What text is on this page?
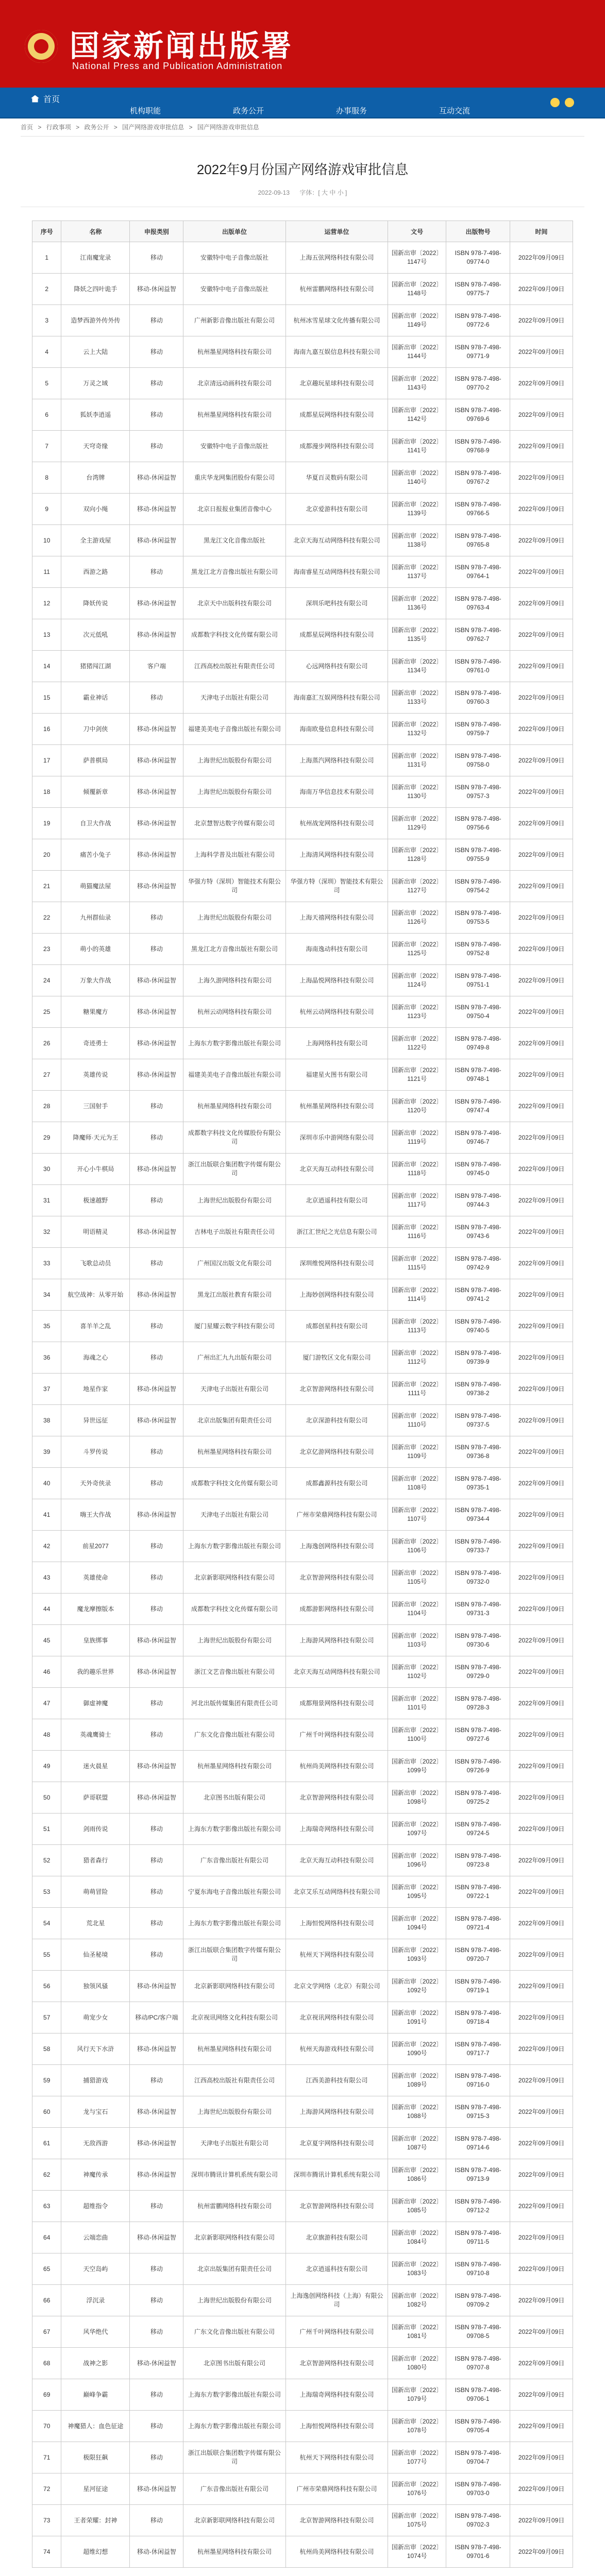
国家新闻出版署
National Press and Publication Administration
首页
机构职能	政务公开	办事服务	互动交流
首页 > 行政事项 > 政务公开 > 国产网络游戏审批信息 > 国产网络游戏审批信息
2022年9月份国产网络游戏审批信息
2022-09-13 字体：[ 大 中 小 ]
序号	名称	申报类别	出版单位	运营单位	文号	出版物号	时间
1	江南魔宠录	移动	安徽特中电子音像出版社	上海五弦网络科技有限公司	国新出审〔2022〕1147号	ISBN 978-7-498-09774-0	2022年09月09日
2	降妖之四叶诡手	移动-休闲益智	安徽特中电子音像出版社	杭州雷鹏网络科技有限公司	国新出审〔2022〕1148号	ISBN 978-7-498-09775-7	2022年09月09日
3	造梦西游外传外传	移动	广州新影音像出版社有限公司	杭州冰雪星球文化传播有限公司	国新出审〔2022〕1149号	ISBN 978-7-498-09772-6	2022年09月09日
4	云上大陆	移动	杭州墨星网络科技有限公司	海南九嘉互娱信息科技有限公司	国新出审〔2022〕1144号	ISBN 978-7-498-09771-9	2022年09月09日
5	万灵之域	移动	北京清远动画科技有限公司	北京趣玩星球科技有限公司	国新出审〔2022〕1143号	ISBN 978-7-498-09770-2	2022年09月09日
6	狐妖李逍遥	移动	杭州墨星网络科技有限公司	成都星辰网络科技有限公司	国新出审〔2022〕1142号	ISBN 978-7-498-09769-6	2022年09月09日
7	天穹奇缘	移动	安徽特中电子音像出版社	成都漫步网络科技有限公司	国新出审〔2022〕1141号	ISBN 978-7-498-09768-9	2022年09月09日
8	台湾牌	移动-休闲益智	重庆华龙网集团股份有限公司	华夏百灵数码有限公司	国新出审〔2022〕1140号	ISBN 978-7-498-09767-2	2022年09月09日
9	双向小绳	移动-休闲益智	北京日报报业集团音像中心	北京爱游科技有限公司	国新出审〔2022〕1139号	ISBN 978-7-498-09766-5	2022年09月09日
10	全主游戏屋	移动-休闲益智	黑龙江文化音像出版社	北京天海互动网络科技有限公司	国新出审〔2022〕1138号	ISBN 978-7-498-09765-8	2022年09月09日
11	西游之路	移动	黑龙江北方音像出版社有限公司	海南睿星互动网络科技有限公司	国新出审〔2022〕1137号	ISBN 978-7-498-09764-1	2022年09月09日
12	降妖传说	移动-休闲益智	北京天中出版科技有限公司	深圳乐吧科技有限公司	国新出审〔2022〕1136号	ISBN 978-7-498-09763-4	2022年09月09日
13	次元低吼	移动-休闲益智	成都数字科技文化传媒有限公司	成都星辰网络科技有限公司	国新出审〔2022〕1135号	ISBN 978-7-498-09762-7	2022年09月09日
14	猪猪闯江湖	客户端	江西高校出版社有限责任公司	心远网络科技有限公司	国新出审〔2022〕1134号	ISBN 978-7-498-09761-0	2022年09月09日
15	霸业神话	移动	天津电子出版社有限公司	海南嘉汇互娱网络科技有限公司	国新出审〔2022〕1133号	ISBN 978-7-498-09760-3	2022年09月09日
16	刀中剑侠	移动-休闲益智	福建美美电子音像出版社有限公司	海南欧曼信息科技有限公司	国新出审〔2022〕1132号	ISBN 978-7-498-09759-7	2022年09月09日
17	萨普棋局	移动-休闲益智	上海世纪出版股份有限公司	上海蒸汽网络科技有限公司	国新出审〔2022〕1131号	ISBN 978-7-498-09758-0	2022年09月09日
18	倾覆新章	移动-休闲益智	上海世纪出版股份有限公司	海南万华信息技术有限公司	国新出审〔2022〕1130号	ISBN 978-7-498-09757-3	2022年09月09日
19	自卫大作战	移动-休闲益智	北京慧智达数字传媒有限公司	杭州战宠网络科技有限公司	国新出审〔2022〕1129号	ISBN 978-7-498-09756-6	2022年09月09日
20	痛苦小兔子	移动-休闲益智	上海科学普及出版社有限公司	上海清风网络科技有限公司	国新出审〔2022〕1128号	ISBN 978-7-498-09755-9	2022年09月09日
21	萌猫魔法屋	移动-休闲益智	华强方特（深圳）智能技术有限公司	华强方特（深圳）智能技术有限公司	国新出审〔2022〕1127号	ISBN 978-7-498-09754-2	2022年09月09日
22	九州群仙录	移动	上海世纪出版股份有限公司	上海天禧网络科技有限公司	国新出审〔2022〕1126号	ISBN 978-7-498-09753-5	2022年09月09日
23	萌小的英雄	移动	黑龙江北方音像出版社有限公司	海南逸动科技有限公司	国新出审〔2022〕1125号	ISBN 978-7-498-09752-8	2022年09月09日
24	万象大作战	移动-休闲益智	上海久游网络科技有限公司	上海晶悦网络科技有限公司	国新出审〔2022〕1124号	ISBN 978-7-498-09751-1	2022年09月09日
25	糖果魔方	移动-休闲益智	杭州云动网络科技有限公司	杭州云动网络科技有限公司	国新出审〔2022〕1123号	ISBN 978-7-498-09750-4	2022年09月09日
26	奇迹勇士	移动-休闲益智	上海东方数字影像出版社有限公司	上海网络科技有限公司	国新出审〔2022〕1122号	ISBN 978-7-498-09749-8	2022年09月09日
27	英雄传说	移动-休闲益智	福建美美电子音像出版社有限公司	福建星火图书有限公司	国新出审〔2022〕1121号	ISBN 978-7-498-09748-1	2022年09月09日
28	三国射手	移动	杭州墨星网络科技有限公司	杭州墨星网络科技有限公司	国新出审〔2022〕1120号	ISBN 978-7-498-09747-4	2022年09月09日
29	降魔师·天元为王	移动	成都数字科技文化传媒股份有限公司	深圳市乐中游网络有限公司	国新出审〔2022〕1119号	ISBN 978-7-498-09746-7	2022年09月09日
30	开心小牛棋局	移动-休闲益智	浙江出版联合集团数字传媒有限公司	北京天海互动科技有限公司	国新出审〔2022〕1118号	ISBN 978-7-498-09745-0	2022年09月09日
31	极速越野	移动	上海世纪出版股份有限公司	北京逍遥科技有限公司	国新出审〔2022〕1117号	ISBN 978-7-498-09744-3	2022年09月09日
32	明语精灵	移动-休闲益智	吉林电子出版社有限责任公司	浙江汇世纪之光信息有限公司	国新出审〔2022〕1116号	ISBN 978-7-498-09743-6	2022年09月09日
33	飞歌总动员	移动	广州国汉出版文化有限公司	深圳维悦网络科技有限公司	国新出审〔2022〕1115号	ISBN 978-7-498-09742-9	2022年09月09日
34	航空战神：从零开始	移动-休闲益智	黑龙江出版社教育有限公司	上海妙创网络科技有限公司	国新出审〔2022〕1114号	ISBN 978-7-498-09741-2	2022年09月09日
35	喜羊羊之乱	移动	厦门星耀云数字科技有限公司	成都创星科技有限公司	国新出审〔2022〕1113号	ISBN 978-7-498-09740-5	2022年09月09日
36	海魂之心	移动	广州出汇九九出版有限公司	厦门游牧区文化有限公司	国新出审〔2022〕1112号	ISBN 978-7-498-09739-9	2022年09月09日
37	地星作家	移动-休闲益智	天津电子出版社有限公司	北京智游网络科技有限公司	国新出审〔2022〕1111号	ISBN 978-7-498-09738-2	2022年09月09日
38	异世远征	移动-休闲益智	北京出版集团有限责任公司	北京深游科技有限公司	国新出审〔2022〕1110号	ISBN 978-7-498-09737-5	2022年09月09日
39	斗罗传说	移动	杭州墨星网络科技有限公司	北京亿游网络科技有限公司	国新出审〔2022〕1109号	ISBN 978-7-498-09736-8	2022年09月09日
40	天外奇侠录	移动	成都数字科技文化传媒有限公司	成都鑫源科技有限公司	国新出审〔2022〕1108号	ISBN 978-7-498-09735-1	2022年09月09日
41	嗨王大作战	移动-休闲益智	天津电子出版社有限公司	广州市荣鼎网络科技有限公司	国新出审〔2022〕1107号	ISBN 978-7-498-09734-4	2022年09月09日
42	前星2077	移动	上海东方数字影像出版社有限公司	上海逸创网络科技有限公司	国新出审〔2022〕1106号	ISBN 978-7-498-09733-7	2022年09月09日
43	英雄使命	移动	北京新影联网络科技有限公司	北京智游网络科技有限公司	国新出审〔2022〕1105号	ISBN 978-7-498-09732-0	2022年09月09日
44	魔龙摩擦版本	移动	成都数字科技文化传媒有限公司	成都游影网络科技有限公司	国新出审〔2022〕1104号	ISBN 978-7-498-09731-3	2022年09月09日
45	皇族绑事	移动-休闲益智	上海世纪出版股份有限公司	上海游风网络科技有限公司	国新出审〔2022〕1103号	ISBN 978-7-498-09730-6	2022年09月09日
46	我的趣乐世界	移动-休闲益智	浙江文艺音像出版社有限公司	北京天海互动网络科技有限公司	国新出审〔2022〕1102号	ISBN 978-7-498-09729-0	2022年09月09日
47	御虚神魔	移动	河北出版传媒集团有限责任公司	成都翔景网络科技有限公司	国新出审〔2022〕1101号	ISBN 978-7-498-09728-3	2022年09月09日
48	英魂鹰骑士	移动	广东文化音像出版社有限公司	广州千叶网络科技有限公司	国新出审〔2022〕1100号	ISBN 978-7-498-09727-6	2022年09月09日
49	迷火晨星	移动-休闲益智	杭州墨星网络科技有限公司	杭州尚美网络科技有限公司	国新出审〔2022〕1099号	ISBN 978-7-498-09726-9	2022年09月09日
50	萨哥联盟	移动-休闲益智	北京图书出版有限公司	北京智游网络科技有限公司	国新出审〔2022〕1098号	ISBN 978-7-498-09725-2	2022年09月09日
51	剑雨传说	移动	上海东方数字影像出版社有限公司	上海瑞奇网络科技有限公司	国新出审〔2022〕1097号	ISBN 978-7-498-09724-5	2022年09月09日
52	猎者森行	移动	广东音像出版社有限公司	北京天海互动科技有限公司	国新出审〔2022〕1096号	ISBN 978-7-498-09723-8	2022年09月09日
53	萌萌冒险	移动	宁夏东海电子音像出版社有限公司	北京艾乐互动网络科技有限公司	国新出审〔2022〕1095号	ISBN 978-7-498-09722-1	2022年09月09日
54	荒北星	移动	上海东方数字影像出版社有限公司	上海恒悦网络科技有限公司	国新出审〔2022〕1094号	ISBN 978-7-498-09721-4	2022年09月09日
55	仙圣秘境	移动	浙江出版联合集团数字传媒有限公司	杭州天下网络科技有限公司	国新出审〔2022〕1093号	ISBN 978-7-498-09720-7	2022年09月09日
56	独领风骚	移动-休闲益智	北京新影联网络科技有限公司	北京文学网络（北京）有限公司	国新出审〔2022〕1092号	ISBN 978-7-498-09719-1	2022年09月09日
57	萌宠少女	移动/PC/客户端	北京视讯网络文化科技有限公司	北京视讯网络科技有限公司	国新出审〔2022〕1091号	ISBN 978-7-498-09718-4	2022年09月09日
58	风行天下水浒	移动-休闲益智	杭州墨星网络科技有限公司	杭州天海游戏科技有限公司	国新出审〔2022〕1090号	ISBN 978-7-498-09717-7	2022年09月09日
59	捕猎游戏	移动	江西高校出版社有限责任公司	江西美游科技有限公司	国新出审〔2022〕1089号	ISBN 978-7-498-09716-0	2022年09月09日
60	龙与宝石	移动-休闲益智	上海世纪出版股份有限公司	上海游风网络科技有限公司	国新出审〔2022〕1088号	ISBN 978-7-498-09715-3	2022年09月09日
61	无敌西游	移动-休闲益智	天津电子出版社有限公司	北京夏宇网络科技有限公司	国新出审〔2022〕1087号	ISBN 978-7-498-09714-6	2022年09月09日
62	神魔传承	移动-休闲益智	深圳市腾讯计算机系统有限公司	深圳市腾讯计算机系统有限公司	国新出审〔2022〕1086号	ISBN 978-7-498-09713-9	2022年09月09日
63	超维指令	移动	杭州雷鹏网络科技有限公司	北京智游网络科技有限公司	国新出审〔2022〕1085号	ISBN 978-7-498-09712-2	2022年09月09日
64	云端恋曲	移动-休闲益智	北京新影联网络科技有限公司	北京旗游科技有限公司	国新出审〔2022〕1084号	ISBN 978-7-498-09711-5	2022年09月09日
65	天空岛屿	移动	北京出版集团有限责任公司	北京逍遥科技有限公司	国新出审〔2022〕1083号	ISBN 978-7-498-09710-8	2022年09月09日
66	浮沉录	移动	上海世纪出版股份有限公司	上海逸创网络科技（上海）有限公司	国新出审〔2022〕1082号	ISBN 978-7-498-09709-2	2022年09月09日
67	风华绝代	移动	广东文化音像出版社有限公司	广州千叶网络科技有限公司	国新出审〔2022〕1081号	ISBN 978-7-498-09708-5	2022年09月09日
68	战神之影	移动-休闲益智	北京图书出版有限公司	北京智游网络科技有限公司	国新出审〔2022〕1080号	ISBN 978-7-498-09707-8	2022年09月09日
69	巅峰争霸	移动	上海东方数字影像出版社有限公司	上海瑞奇网络科技有限公司	国新出审〔2022〕1079号	ISBN 978-7-498-09706-1	2022年09月09日
70	神魔猎人：血色征途	移动	上海东方数字影像出版社有限公司	上海恒悦网络科技有限公司	国新出审〔2022〕1078号	ISBN 978-7-498-09705-4	2022年09月09日
71	极限狂飙	移动	浙江出版联合集团数字传媒有限公司	杭州天下网络科技有限公司	国新出审〔2022〕1077号	ISBN 978-7-498-09704-7	2022年09月09日
72	星河征途	移动-休闲益智	广东音像出版社有限公司	广州市荣鼎网络科技有限公司	国新出审〔2022〕1076号	ISBN 978-7-498-09703-0	2022年09月09日
73	王者荣耀：封神	移动	北京新影联网络科技有限公司	北京智游网络科技有限公司	国新出审〔2022〕1075号	ISBN 978-7-498-09702-3	2022年09月09日
74	超维幻想	移动-休闲益智	杭州墨星网络科技有限公司	杭州尚美网络科技有限公司	国新出审〔2022〕1074号	ISBN 978-7-498-09701-6	2022年09月09日
